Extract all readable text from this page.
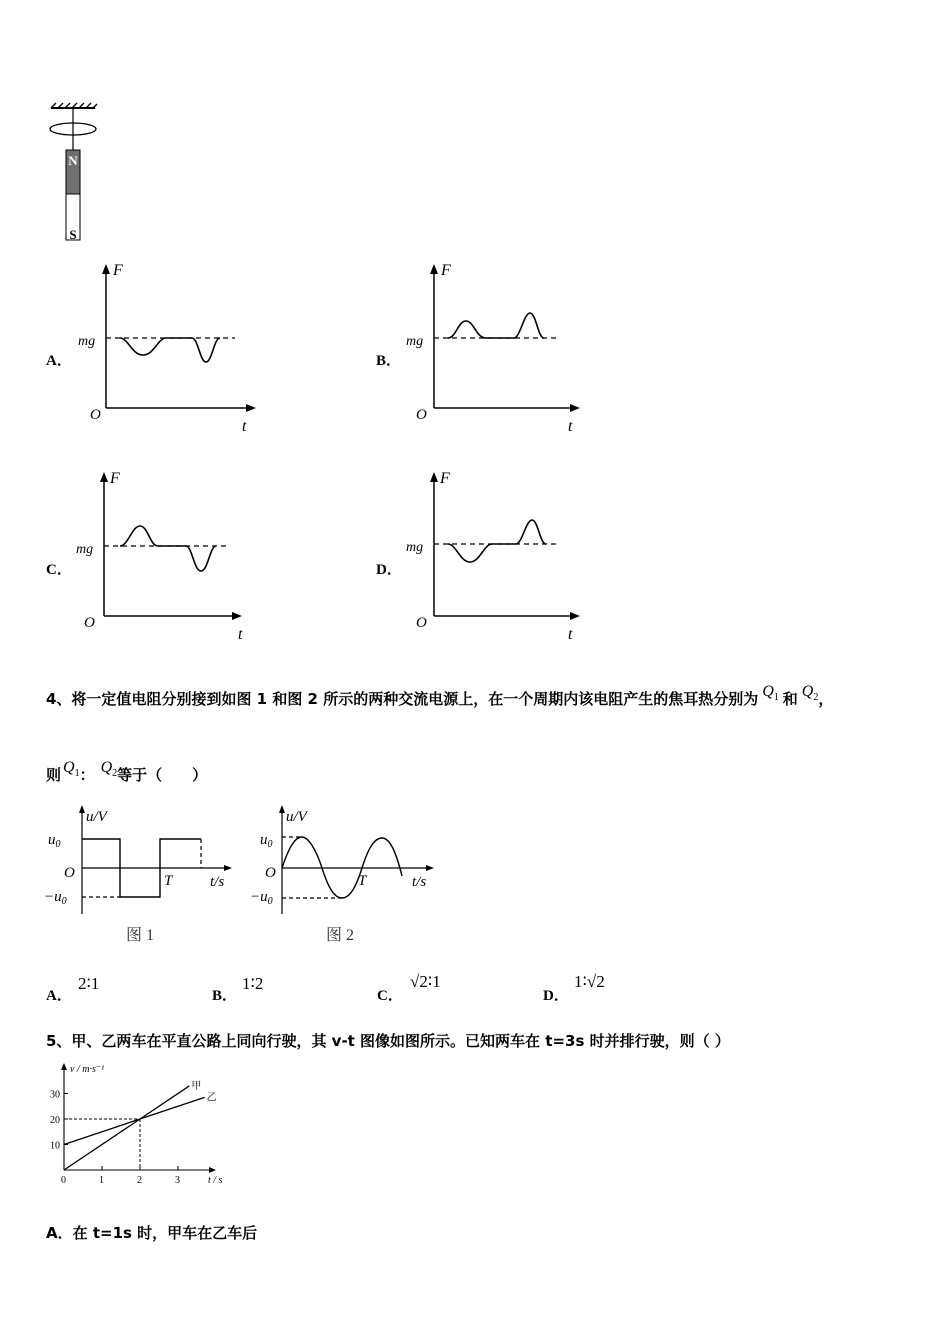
N
S
A．
F
mg
O
t
B．
F
mg
O
t
C．
F
mg
O
t
D．
F
mg
O
t
4、将一定值电阻分别接到如图 1 和图 2 所示的两种交流电源上，在一个周期内该电阻产生的焦耳热分别为 $Q_1$ 和 $Q_2$，
则 $Q_1$： $Q_2$等于（　　）
u/V
$u_0$
O
$-u_0$
T	t/s
图 1
u/V
$u_0$
O
$-u_0$
T	t/s
图 2
A．
2∶1
B．
1∶2
C．
√2∶1
D．
1∶√2
5、甲、乙两车在平直公路上同向行驶，其 v-t 图像如图所示。已知两车在 t=3s 时并排行驶，则（ ）
0	1	2	3
10
20
30
v / m·s⁻¹
t / s
甲
乙
A．在 t=1s 时，甲车在乙车后
